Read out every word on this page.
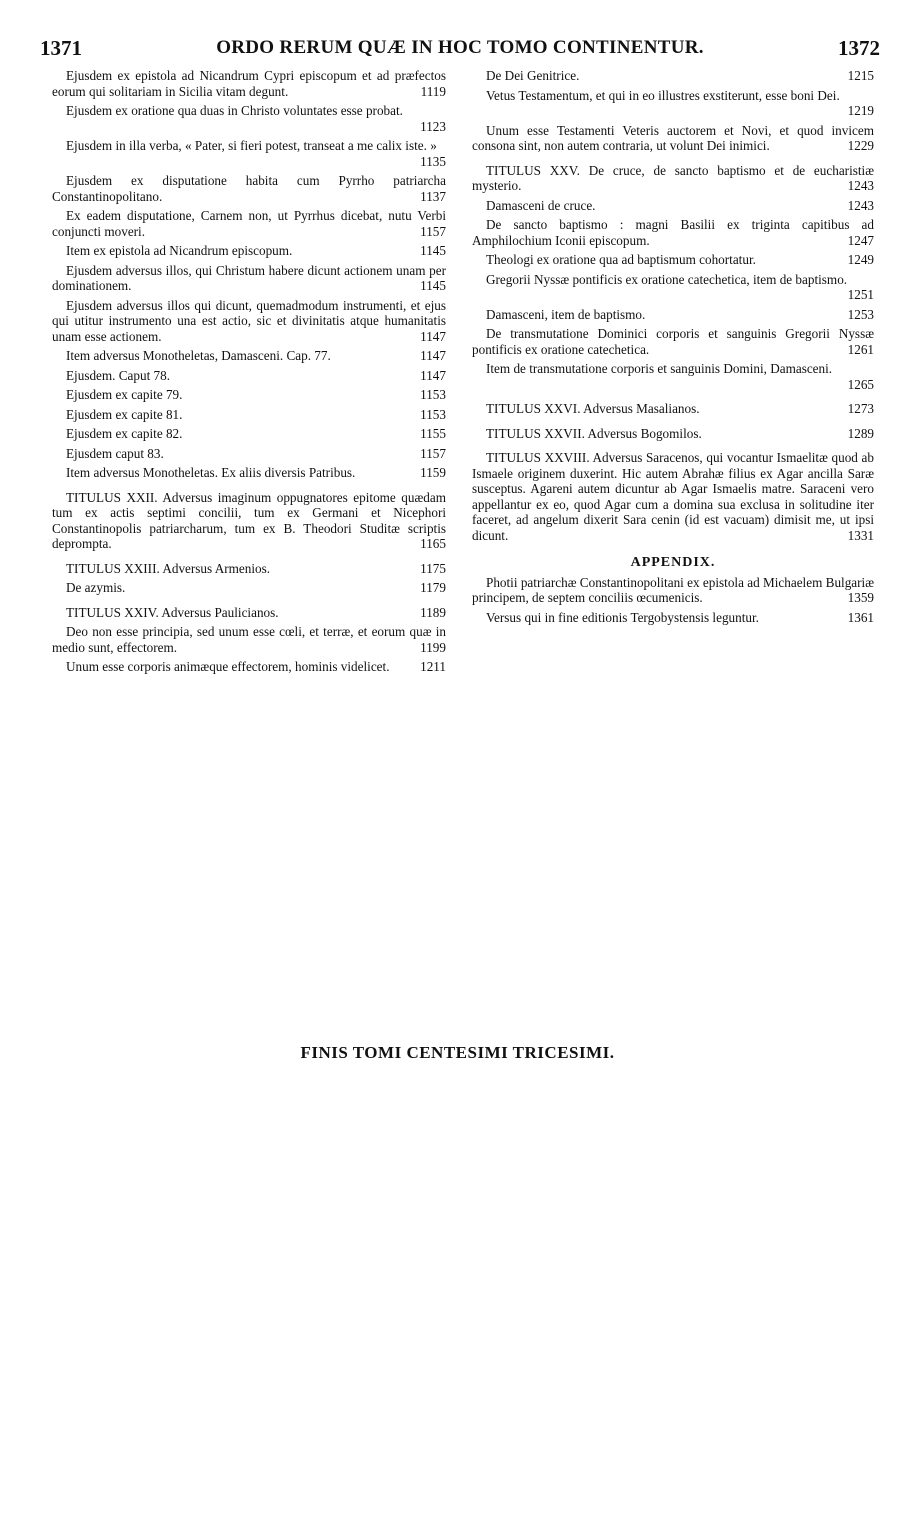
1371	ORDO RERUM QUÆ IN HOC TOMO CONTINENTUR.	1372
Ejusdem ex epistola ad Nicandrum Cypri episcopum et ad præfectos eorum qui solitariam in Sicilia vitam degunt.	1119
Ejusdem ex oratione qua duas in Christo voluntates esse probat.
1123
Ejusdem in illa verba, « Pater, si fieri potest, transeat a me calix iste. »
1135
Ejusdem ex disputatione habita cum Pyrrho patriarcha Constantinopolitano.	1137
Ex eadem disputatione, Carnem non, ut Pyrrhus dicebat, nutu Verbi conjuncti moveri.	1157
Item ex epistola ad Nicandrum episcopum.	1145
Ejusdem adversus illos, qui Christum habere dicunt actionem unam per dominationem.	1145
Ejusdem adversus illos qui dicunt, quemadmodum instrumenti, et ejus qui utitur instrumento una est actio, sic et divinitatis atque humanitatis unam esse actionem.	1147
Item adversus Monotheletas, Damasceni. Cap. 77.	1147
Ejusdem. Caput 78.	1147
Ejusdem ex capite 79.	1153
Ejusdem ex capite 81.	1153
Ejusdem ex capite 82.	1155
Ejusdem caput 83.	1157
Item adversus Monotheletas. Ex aliis diversis Patribus.	1159
TITULUS XXII. Adversus imaginum oppugnatores epitome quædam tum ex actis septimi concilii, tum ex Germani et Nicephori Constantinopolis patriarcharum, tum ex B. Theodori Studitæ scriptis deprompta.	1165
TITULUS XXIII. Adversus Armenios.	1175
De azymis.	1179
TITULUS XXIV. Adversus Paulicianos.	1189
Deo non esse principia, sed unum esse cœli, et terræ, et eorum quæ in medio sunt, effectorem.	1199
Unum esse corporis animæque effectorem, hominis videlicet.	1211
De Dei Genitrice.	1215
Vetus Testamentum, et qui in eo illustres exstiterunt, esse boni Dei.
1219
Unum esse Testamenti Veteris auctorem et Novi, et quod invicem consona sint, non autem contraria, ut volunt Dei inimici.	1229
TITULUS XXV. De cruce, de sancto baptismo et de eucharistiæ mysterio.	1243
Damasceni de cruce.	1243
De sancto baptismo : magni Basilii ex triginta capitibus ad Amphilochium Iconii episcopum.	1247
Theologi ex oratione qua ad baptismum cohortatur.	1249
Gregorii Nyssæ pontificis ex oratione catechetica, item de baptismo.
1251
Damasceni, item de baptismo.	1253
De transmutatione Dominici corporis et sanguinis Gregorii Nyssæ pontificis ex oratione catechetica.	1261
Item de transmutatione corporis et sanguinis Domini, Damasceni.
1265
TITULUS XXVI. Adversus Masalianos.	1273
TITULUS XXVII. Adversus Bogomilos.	1289
TITULUS XXVIII. Adversus Saracenos, qui vocantur Ismaelitæ quod ab Ismaele originem duxerint. Hic autem Abrahæ filius ex Agar ancilla Saræ susceptus. Agareni autem dicuntur ab Agar Ismaelis matre. Saraceni vero appellantur ex eo, quod Agar cum a domina sua exclusa in solitudine iter faceret, ad angelum dixerit Sara cenin (id est vacuam) dimisit me, ut ipsi dicunt.	1331
APPENDIX.
Photii patriarchæ Constantinopolitani ex epistola ad Michaelem Bulgariæ principem, de septem conciliis œcumenicis.	1359
Versus qui in fine editionis Tergobystensis leguntur.	1361
FINIS TOMI CENTESIMI TRICESIMI.
